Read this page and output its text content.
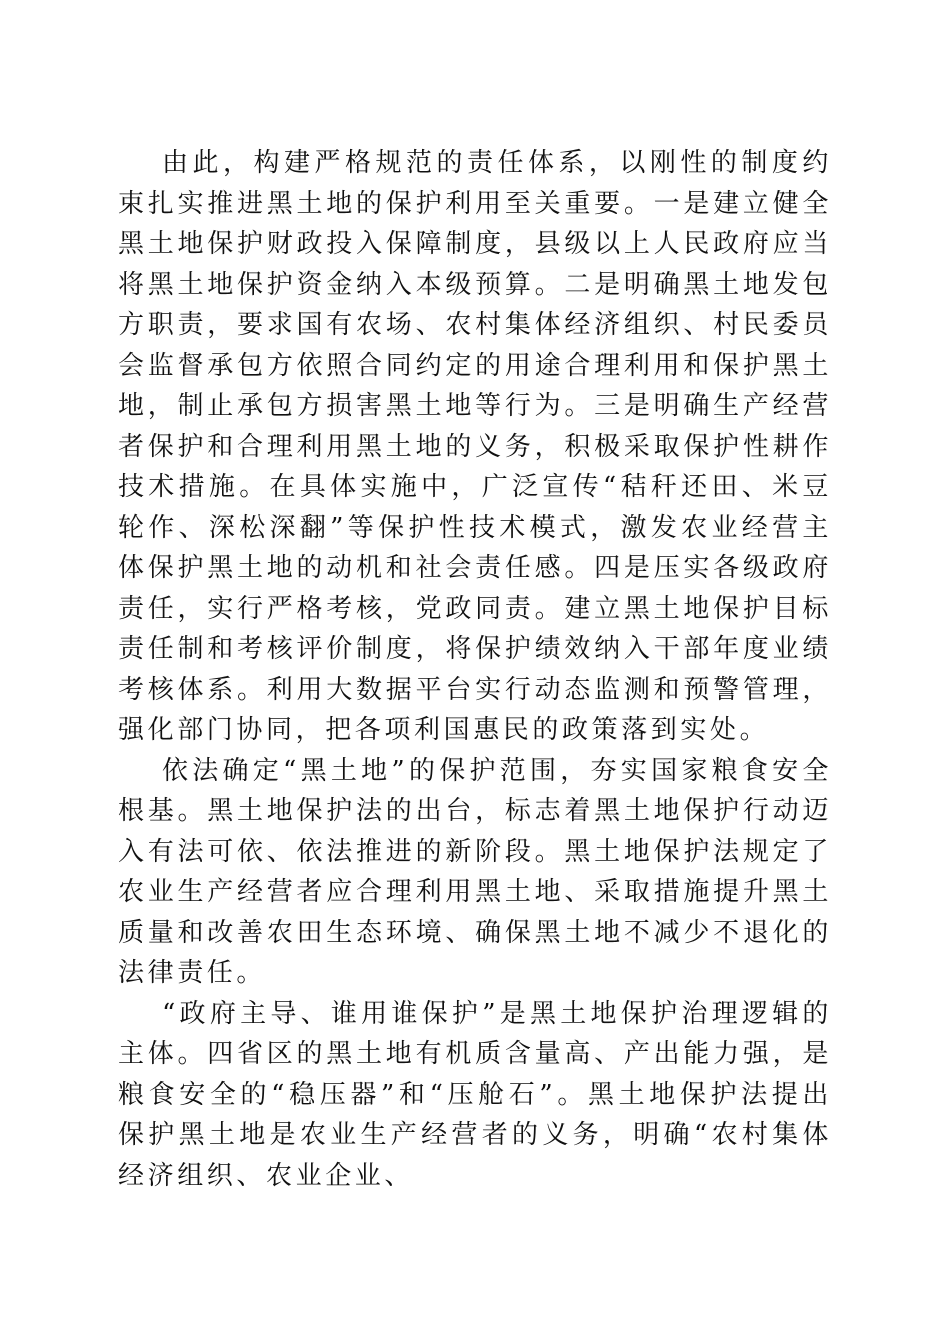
由此，构建严格规范的责任体系，以刚性的制度约束扎实推进黑土地的保护利用至关重要。一是建立健全黑土地保护财政投入保障制度，县级以上人民政府应当将黑土地保护资金纳入本级预算。二是明确黑土地发包方职责，要求国有农场、农村集体经济组织、村民委员会监督承包方依照合同约定的用途合理利用和保护黑土地，制止承包方损害黑土地等行为。三是明确生产经营者保护和合理利用黑土地的义务，积极采取保护性耕作技术措施。在具体实施中，广泛宣传“秸秆还田、米豆轮作、深松深翻”等保护性技术模式，激发农业经营主体保护黑土地的动机和社会责任感。四是压实各级政府责任，实行严格考核，党政同责。建立黑土地保护目标责任制和考核评价制度，将保护绩效纳入干部年度业绩考核体系。利用大数据平台实行动态监测和预警管理，强化部门协同，把各项利国惠民的政策落到实处。

依法确定“黑土地”的保护范围，夯实国家粮食安全根基。黑土地保护法的出台，标志着黑土地保护行动迈入有法可依、依法推进的新阶段。黑土地保护法规定了农业生产经营者应合理利用黑土地、采取措施提升黑土质量和改善农田生态环境、确保黑土地不减少不退化的法律责任。

“政府主导、谁用谁保护”是黑土地保护治理逻辑的主体。四省区的黑土地有机质含量高、产出能力强，是粮食安全的“稳压器”和“压舱石”。黑土地保护法提出保护黑土地是农业生产经营者的义务，明确“农村集体经济组织、农业企业、
